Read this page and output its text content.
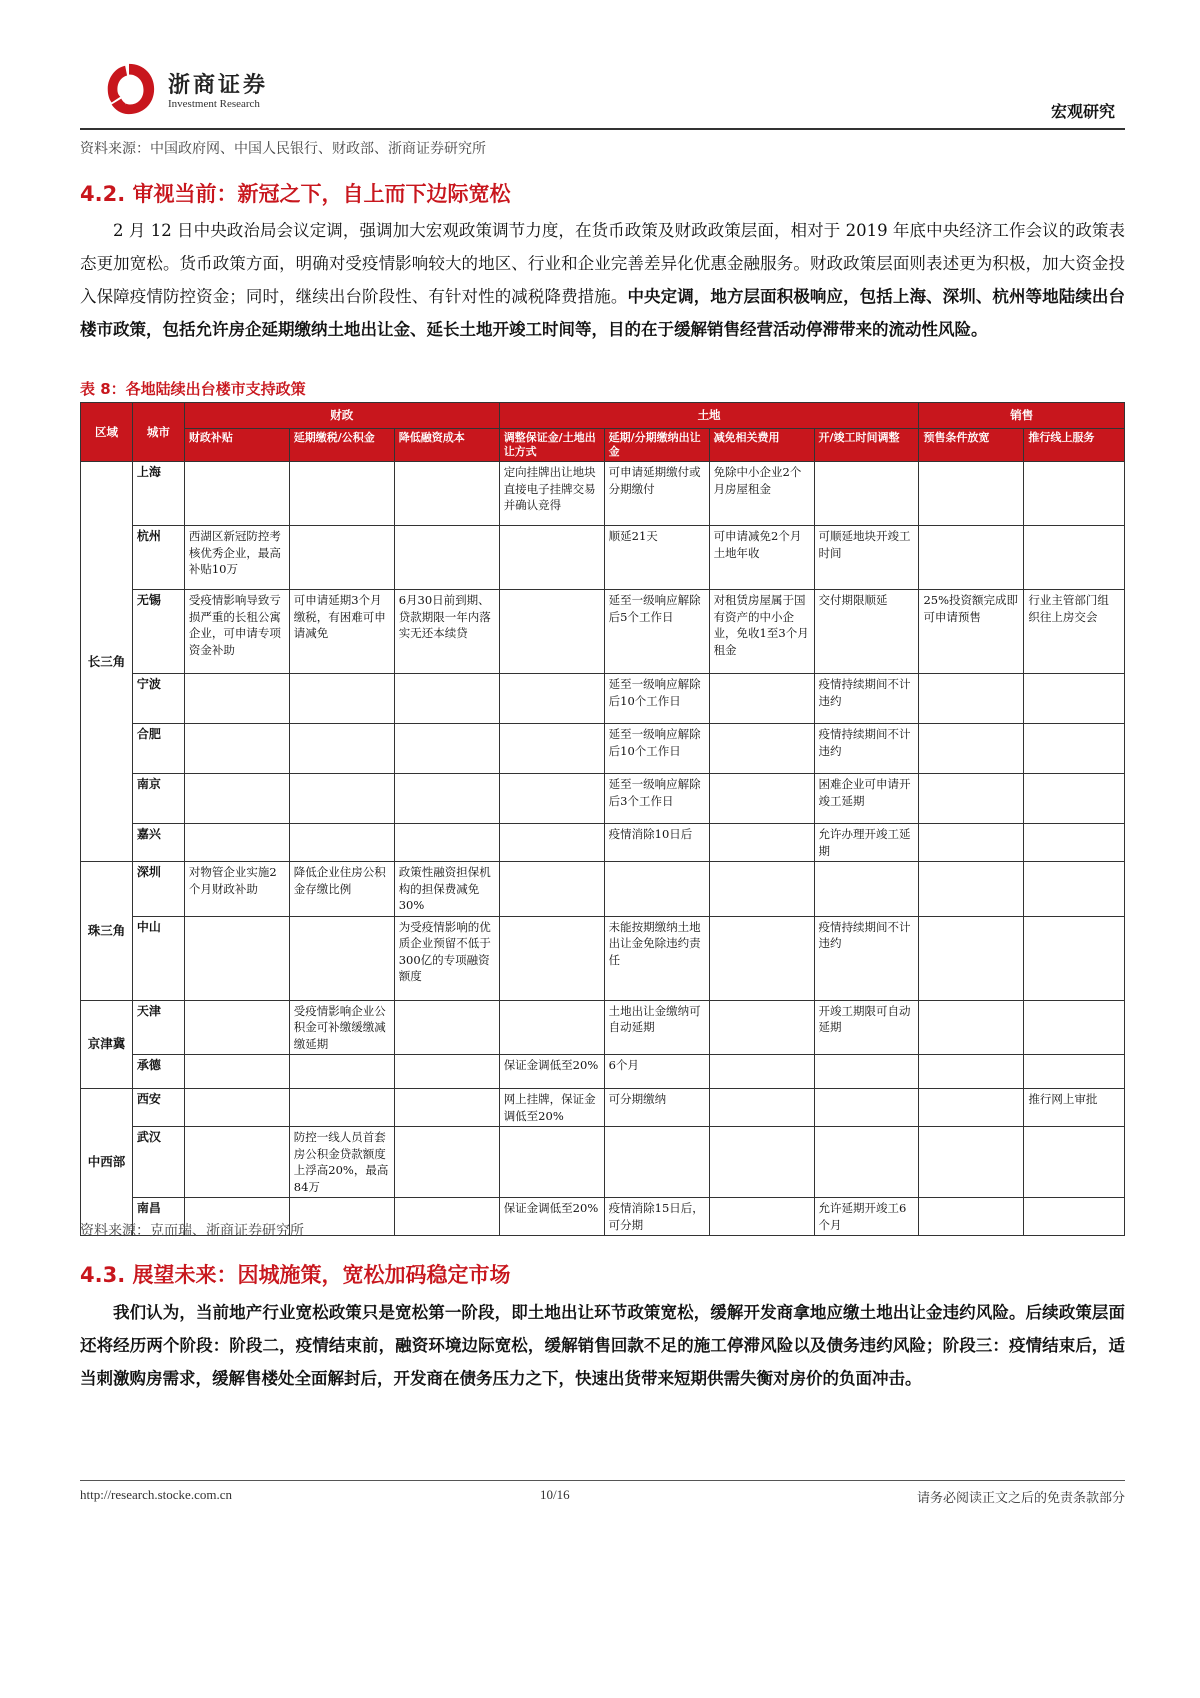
浙商证券
Investment Research	宏观研究
资料来源：中国政府网、中国人民银行、财政部、浙商证券研究所
4.2. 审视当前：新冠之下，自上而下边际宽松
2 月 12 日中央政治局会议定调，强调加大宏观政策调节力度，在货币政策及财政政策层面，相对于 2019 年底中央经济工作会议的政策表态更加宽松。货币政策方面，明确对受疫情影响较大的地区、行业和企业完善差异化优惠金融服务。财政政策层面则表述更为积极，加大资金投入保障疫情防控资金；同时，继续出台阶段性、有针对性的减税降费措施。中央定调，地方层面积极响应，包括上海、深圳、杭州等地陆续出台楼市政策，包括允许房企延期缴纳土地出让金、延长土地开竣工时间等，目的在于缓解销售经营活动停滞带来的流动性风险。
表 8：各地陆续出台楼市支持政策
区域	城市	财政			土地				销售	
		财政补贴	延期缴税/公积金	降低融资成本	调整保证金/土地出让方式	延期/分期缴纳出让金	减免相关费用	开/竣工时间调整	预售条件放宽	推行线上服务
长三角	上海				定向挂牌出让地块直接电子挂牌交易并确认竞得	可申请延期缴付或分期缴付	免除中小企业2个月房屋租金			
	杭州	西湖区新冠防控考核优秀企业，最高补贴10万				顺延21天	可申请减免2个月土地年收	可顺延地块开竣工时间		
	无锡	受疫情影响导致亏损严重的长租公寓企业，可申请专项资金补助	可申请延期3个月缴税，有困难可申请减免	6月30日前到期、贷款期限一年内落实无还本续贷		延至一级响应解除后5个工作日	对租赁房屋属于国有资产的中小企业，免收1至3个月租金	交付期限顺延	25%投资额完成即可申请预售	行业主管部门组织往上房交会
	宁波					延至一级响应解除后10个工作日		疫情持续期间不计违约		
	合肥					延至一级响应解除后10个工作日		疫情持续期间不计违约		
	南京					延至一级响应解除后3个工作日		困难企业可申请开竣工延期		
	嘉兴					疫情消除10日后		允许办理开竣工延期		
珠三角	深圳	对物管企业实施2个月财政补助	降低企业住房公积金存缴比例	政策性融资担保机构的担保费减免30%						
	中山			为受疫情影响的优质企业预留不低于300亿的专项融资额度		未能按期缴纳土地出让金免除违约责任		疫情持续期间不计违约		
京津冀	天津		受疫情影响企业公积金可补缴缓缴减缴延期			土地出让金缴纳可自动延期		开竣工期限可自动延期		
	承德				保证金调低至20%	6个月				
中西部	西安				网上挂牌，保证金调低至20%	可分期缴纳				推行网上审批
	武汉		防控一线人员首套房公积金贷款额度上浮高20%，最高84万							
	南昌				保证金调低至20%	疫情消除15日后，可分期		允许延期开竣工6个月		
资料来源：克而瑞、浙商证券研究所
4.3. 展望未来：因城施策，宽松加码稳定市场
我们认为，当前地产行业宽松政策只是宽松第一阶段，即土地出让环节政策宽松，缓解开发商拿地应缴土地出让金违约风险。后续政策层面还将经历两个阶段：阶段二，疫情结束前，融资环境边际宽松，缓解销售回款不足的施工停滞风险以及债务违约风险；阶段三：疫情结束后，适当刺激购房需求，缓解售楼处全面解封后，开发商在债务压力之下，快速出货带来短期供需失衡对房价的负面冲击。
http://research.stocke.com.cn	10/16	请务必阅读正文之后的免责条款部分
